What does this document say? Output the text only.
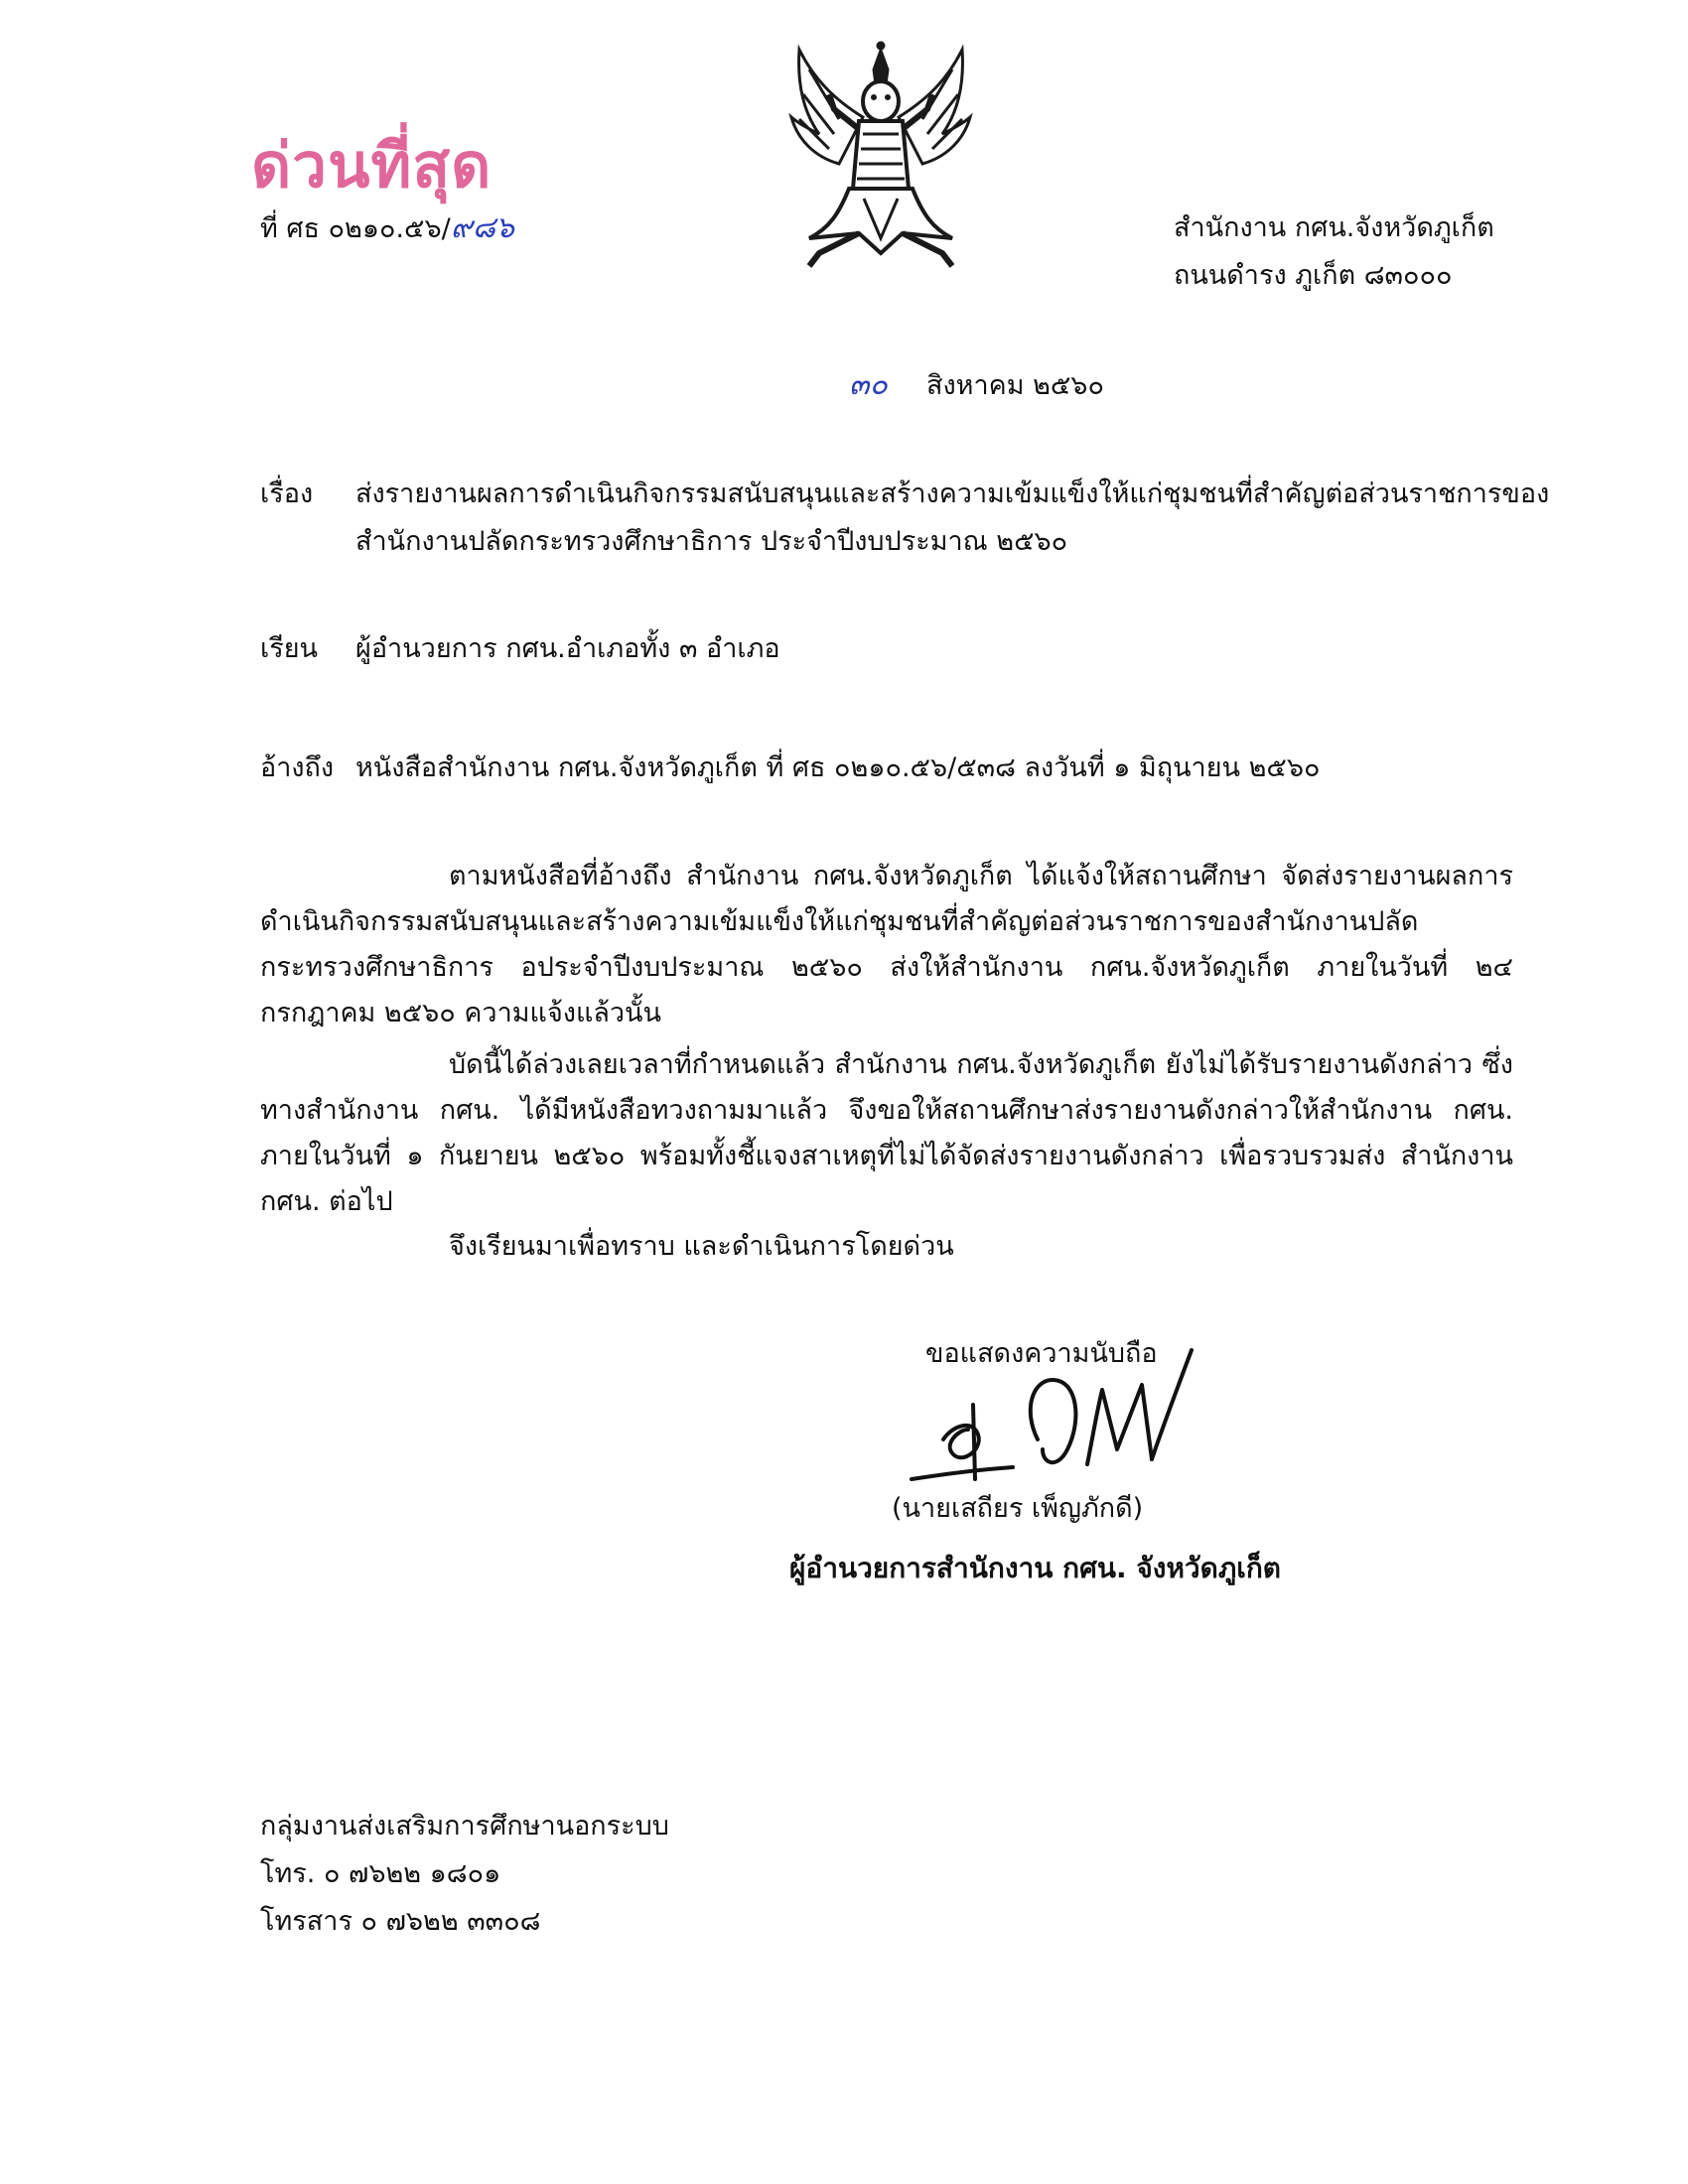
ด่วนที่สุด
ที่ ศธ ๐๒๑๐.๕๖/๙๘๖	สำนักงาน กศน.จังหวัดภูเก็ต
ถนนดำรง ภูเก็ต ๘๓๐๐๐
๓๐ สิงหาคม ๒๕๖๐
เรื่อง ส่งรายงานผลการดำเนินกิจกรรมสนับสนุนและสร้างความเข้มแข็งให้แก่ชุมชนที่สำคัญต่อส่วนราชการของ
สำนักงานปลัดกระทรวงศึกษาธิการ ประจำปีงบประมาณ ๒๕๖๐
เรียน ผู้อำนวยการ กศน.อำเภอทั้ง ๓ อำเภอ
อ้างถึง หนังสือสำนักงาน กศน.จังหวัดภูเก็ต ที่ ศธ ๐๒๑๐.๕๖/๕๓๘ ลงวันที่ ๑ มิถุนายน ๒๕๖๐
ตามหนังสือที่อ้างถึง สำนักงาน กศน.จังหวัดภูเก็ต ได้แจ้งให้สถานศึกษา จัดส่งรายงานผลการดำเนินกิจกรรมสนับสนุนและสร้างความเข้มแข็งให้แก่ชุมชนที่สำคัญต่อส่วนราชการของสำนักงานปลัดกระทรวงศึกษาธิการ อประจำปีงบประมาณ ๒๕๖๐ ส่งให้สำนักงาน กศน.จังหวัดภูเก็ต ภายในวันที่ ๒๔ กรกฎาคม ๒๕๖๐ ความแจ้งแล้วนั้น
บัดนี้ได้ล่วงเลยเวลาที่กำหนดแล้ว สำนักงาน กศน.จังหวัดภูเก็ต ยังไม่ได้รับรายงานดังกล่าว ซึ่งทางสำนักงาน กศน. ได้มีหนังสือทวงถามมาแล้ว จึงขอให้สถานศึกษาส่งรายงานดังกล่าวให้สำนักงาน กศน. ภายในวันที่ ๑ กันยายน ๒๕๖๐ พร้อมทั้งชี้แจงสาเหตุที่ไม่ได้จัดส่งรายงานดังกล่าว เพื่อรวบรวมส่ง สำนักงาน กศน. ต่อไป
จึงเรียนมาเพื่อทราบ และดำเนินการโดยด่วน
ขอแสดงความนับถือ
(นายเสถียร เพ็ญภักดี)
ผู้อำนวยการสำนักงาน กศน. จังหวัดภูเก็ต
กลุ่มงานส่งเสริมการศึกษานอกระบบ
โทร. ๐ ๗๖๒๒ ๑๘๐๑
โทรสาร ๐ ๗๖๒๒ ๓๓๐๘
